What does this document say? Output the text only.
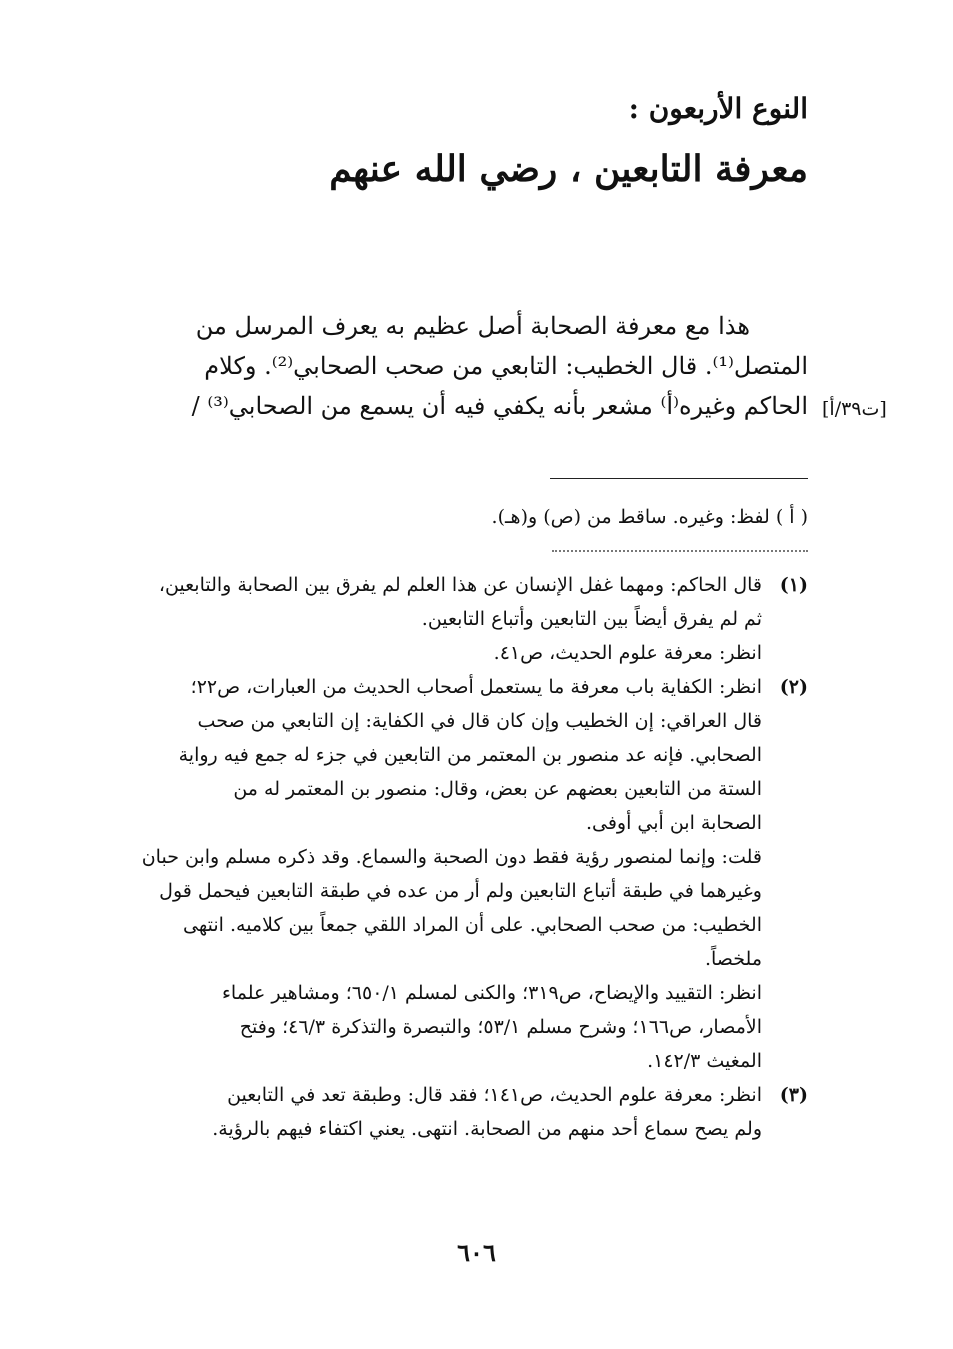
النوع الأربعون :
معرفة التابعين ، رضي الله عنهم
هذا مع معرفة الصحابة أصل عظيم به يعرف المرسل من
المتصل⁽¹⁾. قال الخطيب: التابعي من صحب الصحابي⁽²⁾. وكلام
الحاكم وغيره⁽أ⁾ مشعر بأنه يكفي فيه أن يسمع من الصحابي⁽³⁾ / [ت٣٩/أ]
( أ ) لفظ: وغيره. ساقط من (ص) و(هـ).
(١)
قال الحاكم: ومهما غفل الإنسان عن هذا العلم لم يفرق بين الصحابة والتابعين،
ثم لم يفرق أيضاً بين التابعين وأتباع التابعين.
انظر: معرفة علوم الحديث، ص٤١.
(٢)
انظر: الكفاية باب معرفة ما يستعمل أصحاب الحديث من العبارات، ص٢٢؛
قال العراقي: إن الخطيب وإن كان قال في الكفاية: إن التابعي من صحب
الصحابي. فإنه عد منصور بن المعتمر من التابعين في جزء له جمع فيه رواية
الستة من التابعين بعضهم عن بعض، وقال: منصور بن المعتمر له من
الصحابة ابن أبي أوفى.
قلت: وإنما لمنصور رؤية فقط دون الصحبة والسماع. وقد ذكره مسلم وابن حبان
وغيرهما في طبقة أتباع التابعين ولم أر من عده في طبقة التابعين فيحمل قول
الخطيب: من صحب الصحابي. على أن المراد اللقي جمعاً بين كلاميه. انتهى
ملخصاً.
انظر: التقييد والإيضاح، ص٣١٩؛ والكنى لمسلم ٦٥٠/١؛ ومشاهير علماء
الأمصار، ص١٦٦؛ وشرح مسلم ٥٣/١؛ والتبصرة والتذكرة ٤٦/٣؛ وفتح
المغيث ١٤٢/٣.
(٣)
انظر: معرفة علوم الحديث، ص١٤١؛ فقد قال: وطبقة تعد في التابعين
ولم يصح سماع أحد منهم من الصحابة. انتهى. يعني اكتفاء فيهم بالرؤية.
٦٠٦
